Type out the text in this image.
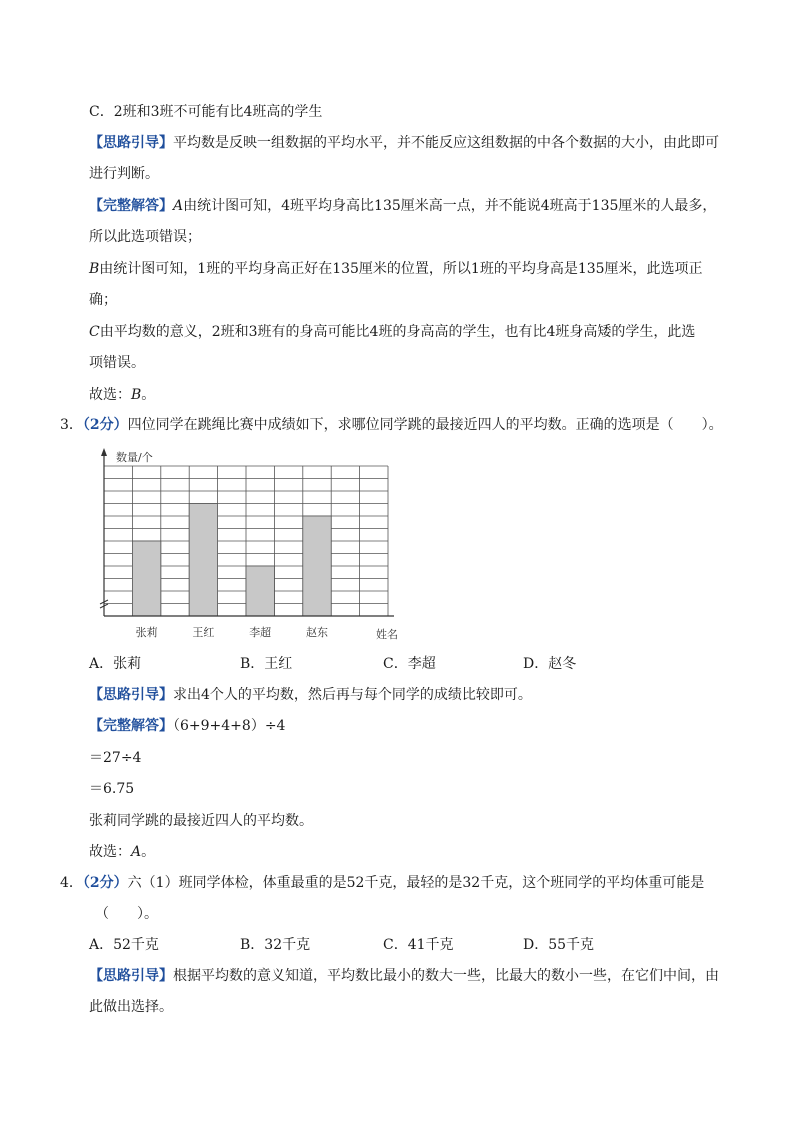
C．2班和3班不可能有比4班高的学生
【思路引导】平均数是反映一组数据的平均水平，并不能反应这组数据的中各个数据的大小，由此即可
进行判断。
【完整解答】A由统计图可知，4班平均身高比135厘米高一点，并不能说4班高于135厘米的人最多，
所以此选项错误；
B由统计图可知，1班的平均身高正好在135厘米的位置，所以1班的平均身高是135厘米，此选项正
确；
C由平均数的意义，2班和3班有的身高可能比4班的身高高的学生，也有比4班身高矮的学生，此选
项错误。
故选：B。
3．（2分）四位同学在跳绳比赛中成绩如下，求哪位同学跳的最接近四人的平均数。正确的选项是（　　）。
数量/个
姓名
张莉	王红	李超	赵东
A．张莉	B．王红	C．李超	D．赵冬
【思路引导】求出4个人的平均数，然后再与每个同学的成绩比较即可。
【完整解答】（6+9+4+8）÷4
＝27÷4
＝6.75
张莉同学跳的最接近四人的平均数。
故选：A。
4．（2分）六（1）班同学体检，体重最重的是52千克，最轻的是32千克，这个班同学的平均体重可能是
（　　）。
A．52千克	B．32千克	C．41千克	D．55千克
【思路引导】根据平均数的意义知道，平均数比最小的数大一些，比最大的数小一些，在它们中间，由
此做出选择。
